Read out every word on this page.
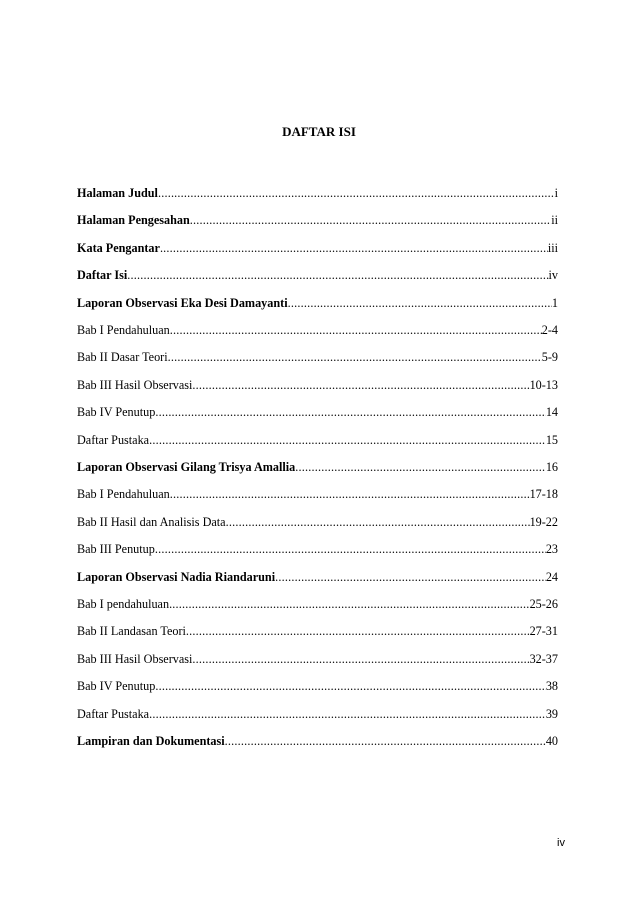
DAFTAR ISI
Halaman Judul .....	i
Halaman Pengesahan .....	ii
Kata Pengantar .....	iii
Daftar Isi .....	iv
Laporan Observasi Eka Desi Damayanti .....	1
Bab I Pendahuluan .....	2-4
Bab II Dasar Teori .....	5-9
Bab III Hasil Observasi .....	10-13
Bab IV Penutup .....	14
Daftar Pustaka .....	15
Laporan Observasi Gilang Trisya Amallia .....	16
Bab I Pendahuluan .....	17-18
Bab II Hasil dan Analisis Data .....	19-22
Bab III Penutup .....	23
Laporan Observasi Nadia Riandaruni .....	24
Bab I pendahuluan .....	25-26
Bab II Landasan Teori .....	27-31
Bab III Hasil Observasi .....	32-37
Bab IV Penutup .....	38
Daftar Pustaka .....	39
Lampiran dan Dokumentasi .....	40
iv
